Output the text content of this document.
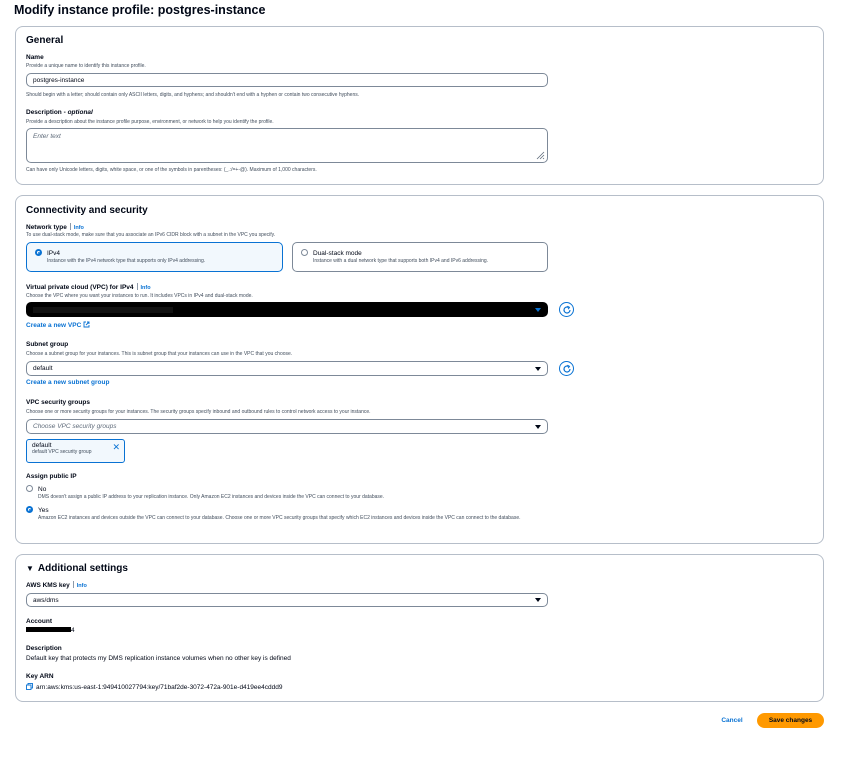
Modify instance profile: postgres-instance
General
Name
Provide a unique name to identify this instance profile.
postgres-instance
Should begin with a letter; should contain only ASCII letters, digits, and hyphens; and shouldn't end with a hyphen or contain two consecutive hyphens.
Description - optional
Provide a description about the instance profile purpose, environment, or network to help you identify the profile.
Enter text
Can have only Unicode letters, digits, white space, or one of the symbols in parentheses: (_.:/=+-@). Maximum of 1,000 characters.
Connectivity and security
Network type Info
To use dual-stack mode, make sure that you associate an IPv6 CIDR block with a subnet in the VPC you specify.
IPv4
Instance with the IPv4 network type that supports only IPv4 addressing.
Dual-stack mode
Instance with a dual network type that supports both IPv4 and IPv6 addressing.
Virtual private cloud (VPC) for IPv4 Info
Choose the VPC where you want your instances to run. It includes VPCs in IPv4 and dual-stack mode.
Create a new VPC
Subnet group
Choose a subnet group for your instances. This is subnet group that your instances can use in the VPC that you choose.
default
Create a new subnet group
VPC security groups
Choose one or more security groups for your instances. The security groups specify inbound and outbound rules to control network access to your instance.
Choose VPC security groups
default
default VPC security group	✕
Assign public IP
No
DMS doesn't assign a public IP address to your replication instance. Only Amazon EC2 instances and devices inside the VPC can connect to your database.
Yes
Amazon EC2 instances and devices outside the VPC can connect to your database. Choose one or more VPC security groups that specify which EC2 instances and devices inside the VPC can connect to the database.
▼ Additional settings
AWS KMS key Info
aws/dms
Account
4
Description
Default key that protects my DMS replication instance volumes when no other key is defined
Key ARN
arn:aws:kms:us-east-1:949410027794:key/71baf2de-3072-472a-901e-d419ee4cddd9
Cancel	Save changes
